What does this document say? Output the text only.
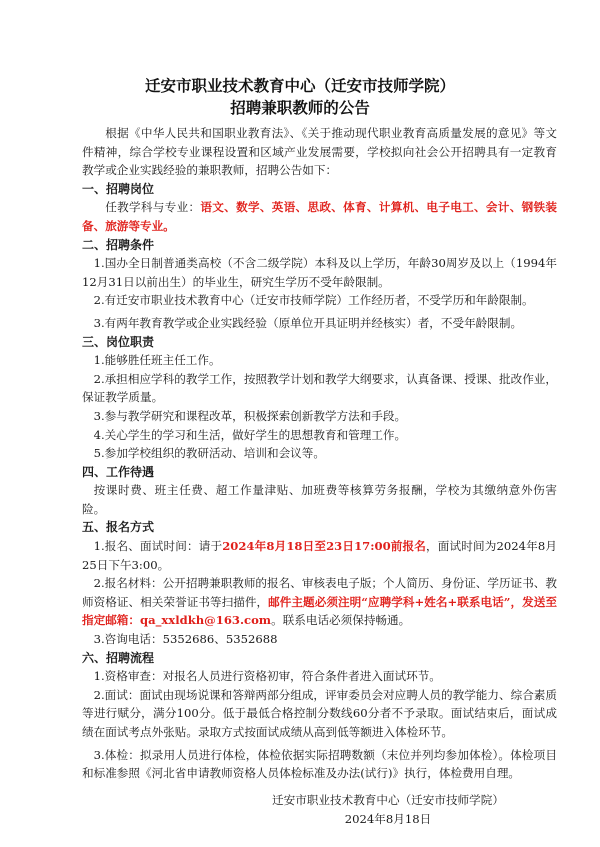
迁安市职业技术教育中心（迁安市技师学院）
招聘兼职教师的公告

根据《中华人民共和国职业教育法》、《关于推动现代职业教育高质量发展的意见》等文件精神，综合学校专业课程设置和区域产业发展需要，学校拟向社会公开招聘具有一定教育教学或企业实践经验的兼职教师，招聘公告如下：

一、招聘岗位

任教学科与专业：语文、数学、英语、思政、体育、计算机、电子电工、会计、钢铁装备、旅游等专业。

二、招聘条件

1.国办全日制普通类高校（不含二级学院）本科及以上学历，年龄30周岁及以上（1994年12月31日以前出生）的毕业生，研究生学历不受年龄限制。

2.有迁安市职业技术教育中心（迁安市技师学院）工作经历者，不受学历和年龄限制。

3.有两年教育教学或企业实践经验（原单位开具证明并经核实）者，不受年龄限制。

三、岗位职责

1.能够胜任班主任工作。

2.承担相应学科的教学工作，按照教学计划和教学大纲要求，认真备课、授课、批改作业，保证教学质量。

3.参与教学研究和课程改革，积极探索创新教学方法和手段。

4.关心学生的学习和生活，做好学生的思想教育和管理工作。

5.参加学校组织的教研活动、培训和会议等。

四、工作待遇

按课时费、班主任费、超工作量津贴、加班费等核算劳务报酬，学校为其缴纳意外伤害险。

五、报名方式

1.报名、面试时间：请于2024年8月18日至23日17:00前报名，面试时间为2024年8月25日下午3:00。

2.报名材料：公开招聘兼职教师的报名、审核表电子版；个人简历、身份证、学历证书、教师资格证、相关荣誉证书等扫描件，邮件主题必须注明“应聘学科+姓名+联系电话”，发送至指定邮箱：qa_xxldkh@163.com。联系电话必须保持畅通。

3.咨询电话：5352686、5352688

六、招聘流程

1.资格审查：对报名人员进行资格初审，符合条件者进入面试环节。

2.面试：面试由现场说课和答辩两部分组成，评审委员会对应聘人员的教学能力、综合素质等进行赋分，满分100分。低于最低合格控制分数线60分者不予录取。面试结束后，面试成绩在面试考点外张贴。录取方式按面试成绩从高到低等额进入体检环节。

3.体检：拟录用人员进行体检，体检依据实际招聘数额（末位并列均参加体检）。体检项目和标准参照《河北省申请教师资格人员体检标准及办法(试行)》执行，体检费用自理。

迁安市职业技术教育中心（迁安市技师学院）

2024年8月18日
